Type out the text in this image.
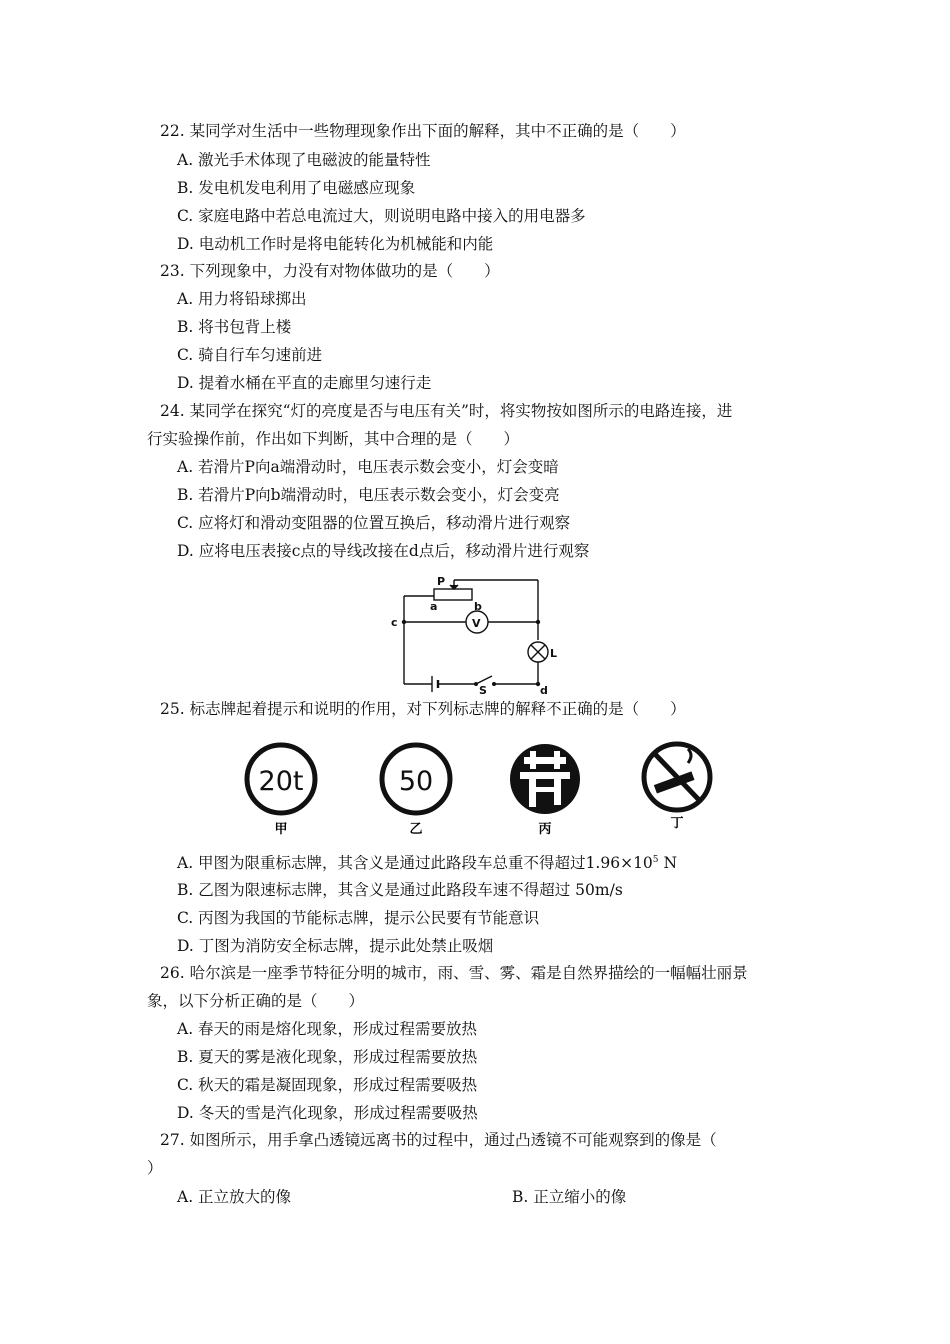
22. 某同学对生活中一些物理现象作出下面的解释，其中不正确的是（　　）
A. 激光手术体现了电磁波的能量特性
B. 发电机发电利用了电磁感应现象
C. 家庭电路中若总电流过大，则说明电路中接入的用电器多
D. 电动机工作时是将电能转化为机械能和内能
23. 下列现象中，力没有对物体做功的是（　　）
A. 用力将铅球掷出
B. 将书包背上楼
C. 骑自行车匀速前进
D. 提着水桶在平直的走廊里匀速行走
24. 某同学在探究“灯的亮度是否与电压有关”时，将实物按如图所示的电路连接，进
行实验操作前，作出如下判断，其中合理的是（　　）
A. 若滑片P向a端滑动时，电压表示数会变小，灯会变暗
B. 若滑片P向b端滑动时，电压表示数会变小，灯会变亮
C. 应将灯和滑动变阻器的位置互换后，移动滑片进行观察
D. 应将电压表接c点的导线改接在d点后，移动滑片进行观察
P
a	b
c	V
L
S	d
25. 标志牌起着提示和说明的作用，对下列标志牌的解释不正确的是（　　）
20t
甲
50
乙	丙	丁
A. 甲图为限重标志牌，其含义是通过此路段车总重不得超过$1.96\times 10^5$ N
B. 乙图为限速标志牌，其含义是通过此路段车速不得超过 50m/s
C. 丙图为我国的节能标志牌，提示公民要有节能意识
D. 丁图为消防安全标志牌，提示此处禁止吸烟
26. 哈尔滨是一座季节特征分明的城市，雨、雪、雾、霜是自然界描绘的一幅幅壮丽景
象，以下分析正确的是（　　）
A. 春天的雨是熔化现象，形成过程需要放热
B. 夏天的雾是液化现象，形成过程需要放热
C. 秋天的霜是凝固现象，形成过程需要吸热
D. 冬天的雪是汽化现象，形成过程需要吸热
27. 如图所示，用手拿凸透镜远离书的过程中，通过凸透镜不可能观察到的像是（
）
A. 正立放大的像	B. 正立缩小的像
